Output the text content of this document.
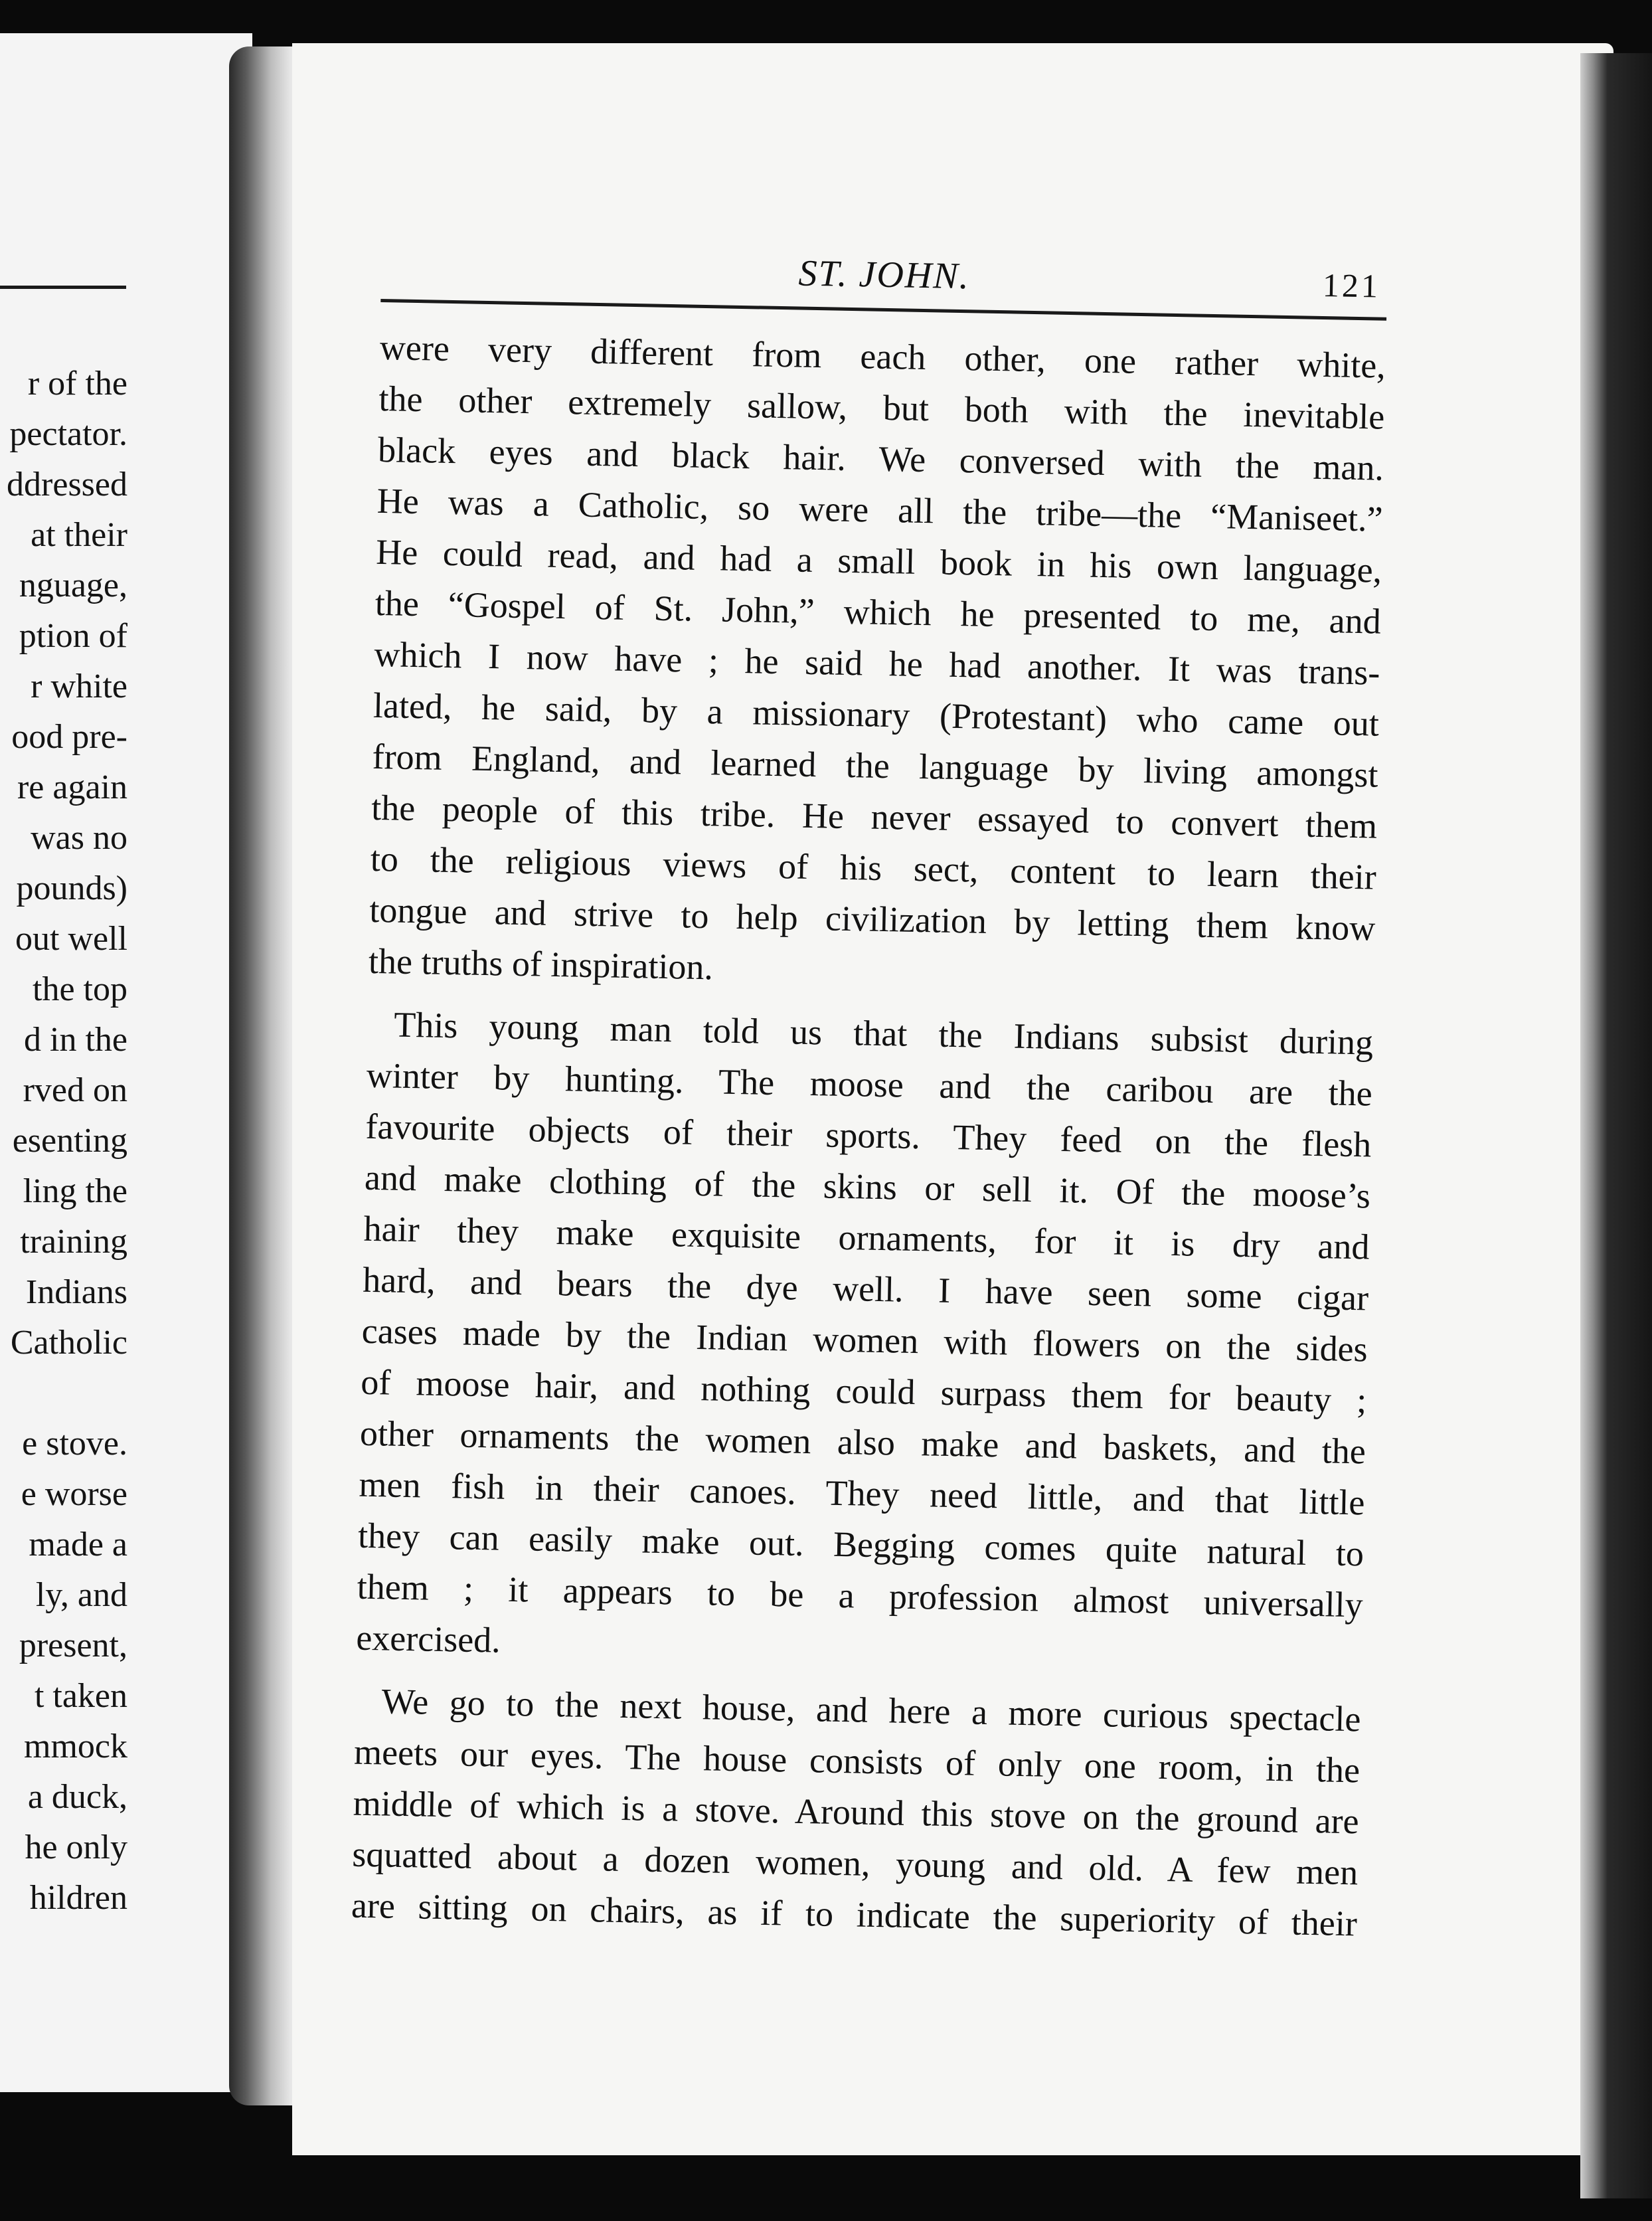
r of the
pectator.
ddressed
at their
nguage,
ption of
r white
ood pre-
re again
was no
pounds)
out well
the top
d in the
rved on
esenting
ling the
training
Indians
Catholic
e stove.
e worse
made a
ly, and
present,
t taken
mmock
a duck,
he only
hildren
ST. JOHN.	121
were very different from each other, one rather white,
the other extremely sallow, but both with the inevitable
black eyes and black hair. We conversed with the man.
He was a Catholic, so were all the tribe—the “Maniseet.”
He could read, and had a small book in his own language,
the “Gospel of St. John,” which he presented to me, and
which I now have ; he said he had another. It was trans-
lated, he said, by a missionary (Protestant) who came out
from England, and learned the language by living amongst
the people of this tribe. He never essayed to convert them
to the religious views of his sect, content to learn their
tongue and strive to help civilization by letting them know
the truths of inspiration.
This young man told us that the Indians subsist during
winter by hunting. The moose and the caribou are the
favourite objects of their sports. They feed on the flesh
and make clothing of the skins or sell it. Of the moose’s
hair they make exquisite ornaments, for it is dry and
hard, and bears the dye well. I have seen some cigar
cases made by the Indian women with flowers on the sides
of moose hair, and nothing could surpass them for beauty ;
other ornaments the women also make and baskets, and the
men fish in their canoes. They need little, and that little
they can easily make out. Begging comes quite natural to
them ; it appears to be a profession almost universally
exercised.
We go to the next house, and here a more curious spectacle
meets our eyes. The house consists of only one room, in the
middle of which is a stove. Around this stove on the ground are
squatted about a dozen women, young and old. A few men
are sitting on chairs, as if to indicate the superiority of their
